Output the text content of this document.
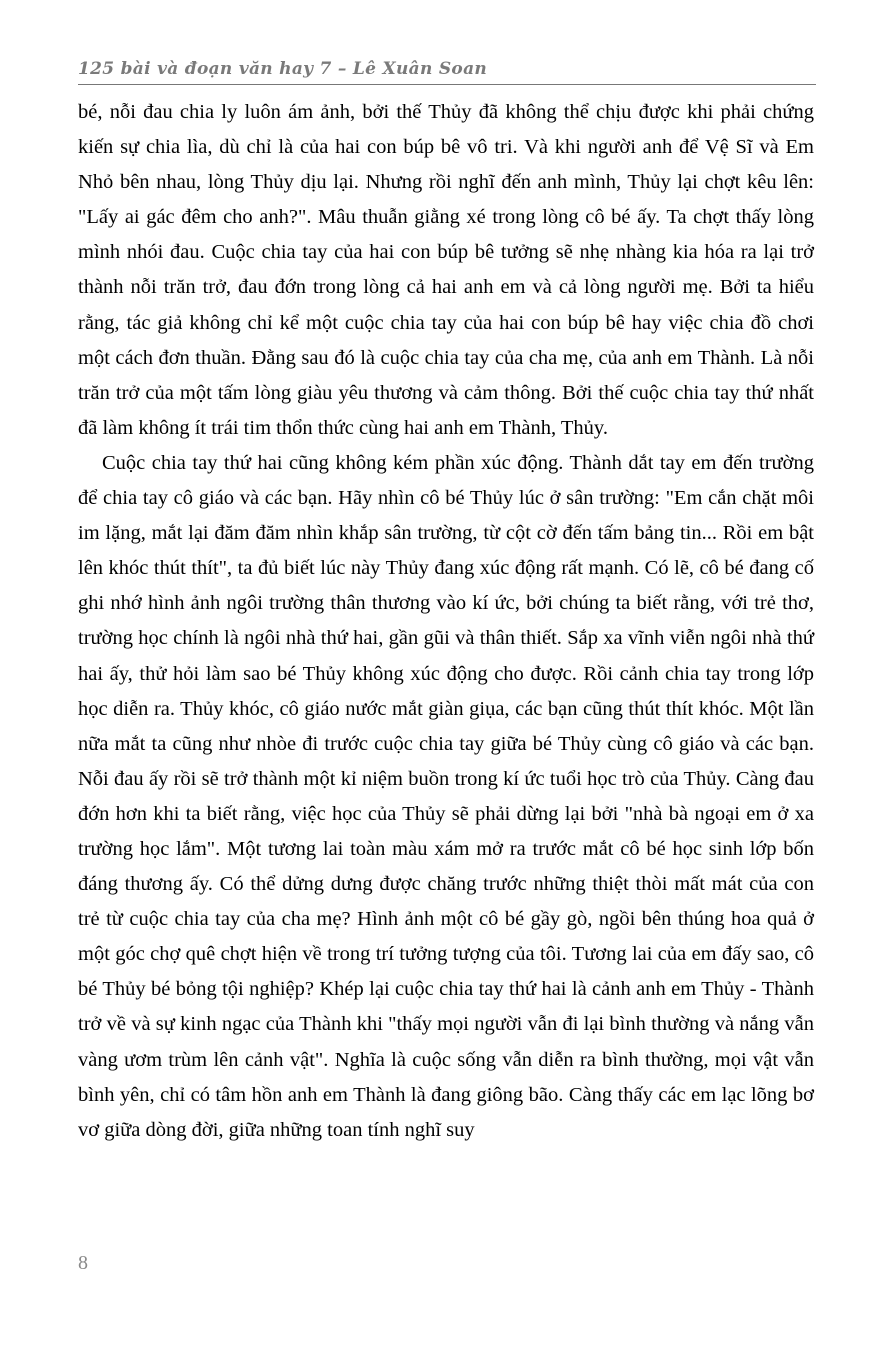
125 bài và đoạn văn hay 7 – Lê Xuân Soan

bé, nỗi đau chia ly luôn ám ảnh, bởi thế Thủy đã không thể chịu được khi phải chứng kiến sự chia lìa, dù chỉ là của hai con búp bê vô tri. Và khi người anh để Vệ Sĩ và Em Nhỏ bên nhau, lòng Thủy dịu lại. Nhưng rồi nghĩ đến anh mình, Thủy lại chợt kêu lên: "Lấy ai gác đêm cho anh?". Mâu thuẫn giằng xé trong lòng cô bé ấy. Ta chợt thấy lòng mình nhói đau. Cuộc chia tay của hai con búp bê tưởng sẽ nhẹ nhàng kia hóa ra lại trở thành nỗi trăn trở, đau đớn trong lòng cả hai anh em và cả lòng người mẹ. Bởi ta hiểu rằng, tác giả không chỉ kể một cuộc chia tay của hai con búp bê hay việc chia đồ chơi một cách đơn thuần. Đằng sau đó là cuộc chia tay của cha mẹ, của anh em Thành. Là nỗi trăn trở của một tấm lòng giàu yêu thương và cảm thông. Bởi thế cuộc chia tay thứ nhất đã làm không ít trái tim thổn thức cùng hai anh em Thành, Thủy.

Cuộc chia tay thứ hai cũng không kém phần xúc động. Thành dắt tay em đến trường để chia tay cô giáo và các bạn. Hãy nhìn cô bé Thủy lúc ở sân trường: "Em cắn chặt môi im lặng, mắt lại đăm đăm nhìn khắp sân trường, từ cột cờ đến tấm bảng tin... Rồi em bật lên khóc thút thít", ta đủ biết lúc này Thủy đang xúc động rất mạnh. Có lẽ, cô bé đang cố ghi nhớ hình ảnh ngôi trường thân thương vào kí ức, bởi chúng ta biết rằng, với trẻ thơ, trường học chính là ngôi nhà thứ hai, gần gũi và thân thiết. Sắp xa vĩnh viễn ngôi nhà thứ hai ấy, thử hỏi làm sao bé Thủy không xúc động cho được. Rồi cảnh chia tay trong lớp học diễn ra. Thủy khóc, cô giáo nước mắt giàn giụa, các bạn cũng thút thít khóc. Một lần nữa mắt ta cũng như nhòe đi trước cuộc chia tay giữa bé Thủy cùng cô giáo và các bạn. Nỗi đau ấy rồi sẽ trở thành một kỉ niệm buồn trong kí ức tuổi học trò của Thủy. Càng đau đớn hơn khi ta biết rằng, việc học của Thủy sẽ phải dừng lại bởi "nhà bà ngoại em ở xa trường học lắm". Một tương lai toàn màu xám mở ra trước mắt cô bé học sinh lớp bốn đáng thương ấy. Có thể dửng dưng được chăng trước những thiệt thòi mất mát của con trẻ từ cuộc chia tay của cha mẹ? Hình ảnh một cô bé gầy gò, ngồi bên thúng hoa quả ở một góc chợ quê chợt hiện về trong trí tưởng tượng của tôi. Tương lai của em đấy sao, cô bé Thủy bé bỏng tội nghiệp? Khép lại cuộc chia tay thứ hai là cảnh anh em Thủy - Thành trở về và sự kinh ngạc của Thành khi "thấy mọi người vẫn đi lại bình thường và nắng vẫn vàng ươm trùm lên cảnh vật". Nghĩa là cuộc sống vẫn diễn ra bình thường, mọi vật vẫn bình yên, chỉ có tâm hồn anh em Thành là đang giông bão. Càng thấy các em lạc lõng bơ vơ giữa dòng đời, giữa những toan tính nghĩ suy

8
